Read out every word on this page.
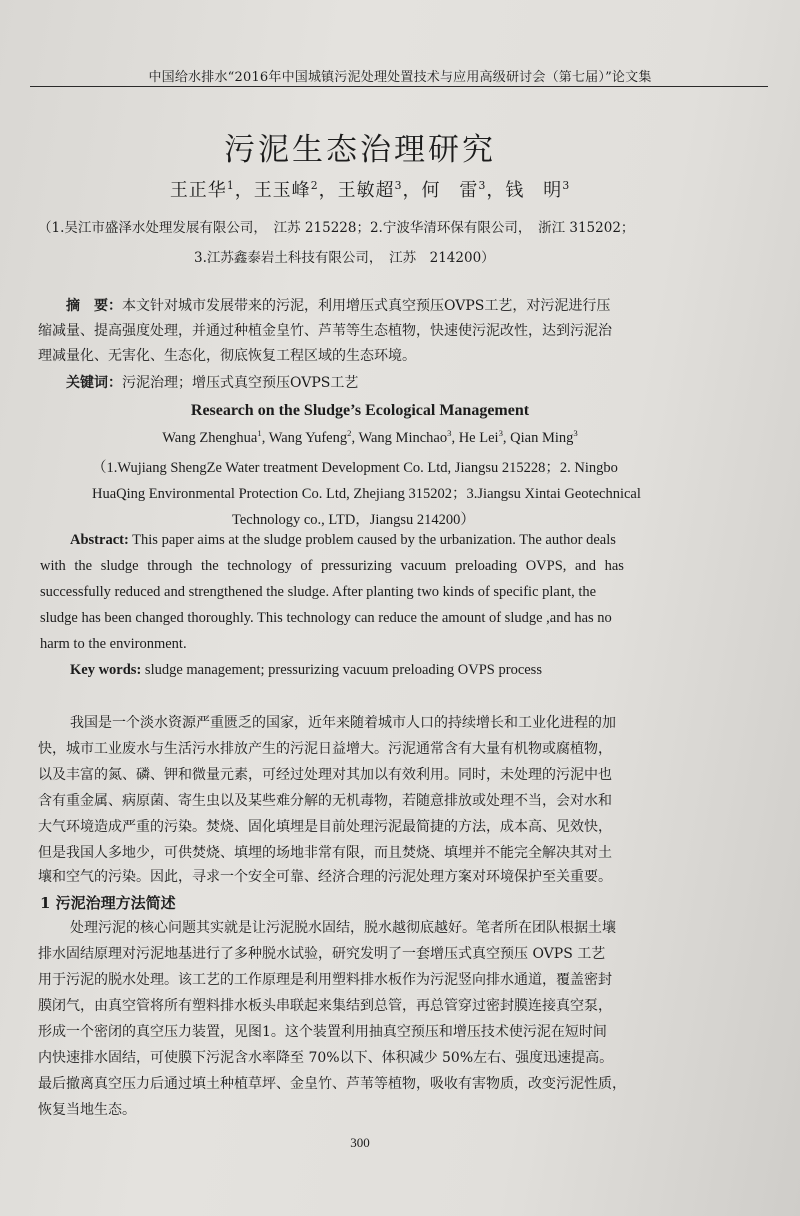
中国给水排水“2016年中国城镇污泥处理处置技术与应用高级研讨会（第七届）”论文集
污泥生态治理研究
王正华$^1$，王玉峰$^2$，王敏超$^3$，何　雷$^3$，钱　明$^3$
（1.吴江市盛泽水处理发展有限公司，　江苏 215228；2.宁波华清环保有限公司，　浙江 315202；
3.江苏鑫泰岩土科技有限公司，　江苏　214200）
摘　要：本文针对城市发展带来的污泥，利用增压式真空预压OVPS工艺，对污泥进行压
缩减量、提高强度处理，并通过种植金皇竹、芦苇等生态植物，快速使污泥改性，达到污泥治
理减量化、无害化、生态化，彻底恢复工程区域的生态环境。
关键词：污泥治理；增压式真空预压OVPS工艺
Research on the Sludge’s Ecological Management
Wang Zhenghua$^1$, Wang Yufeng$^2$, Wang Minchao$^3$, He Lei$^3$, Qian Ming$^3$
（1.Wujiang ShengZe Water treatment Development Co. Ltd, Jiangsu 215228；2. Ningbo
HuaQing Environmental Protection Co. Ltd, Zhejiang 315202；3.Jiangsu Xintai Geotechnical
Technology co., LTD，Jiangsu 214200）
Abstract: This paper aims at the sludge problem caused by the urbanization. The author deals
with the sludge through the technology of pressurizing vacuum preloading OVPS, and has
successfully reduced and strengthened the sludge. After planting two kinds of specific plant, the
sludge has been changed thoroughly. This technology can reduce the amount of sludge ,and has no
harm to the environment.
Key words: sludge management; pressurizing vacuum preloading OVPS process
我国是一个淡水资源严重匮乏的国家，近年来随着城市人口的持续增长和工业化进程的加
快，城市工业废水与生活污水排放产生的污泥日益增大。污泥通常含有大量有机物或腐植物，
以及丰富的氮、磷、钾和微量元素，可经过处理对其加以有效利用。同时，未处理的污泥中也
含有重金属、病原菌、寄生虫以及某些难分解的无机毒物，若随意排放或处理不当，会对水和
大气环境造成严重的污染。焚烧、固化填埋是目前处理污泥最简捷的方法，成本高、见效快，
但是我国人多地少，可供焚烧、填埋的场地非常有限，而且焚烧、填埋并不能完全解决其对土
壤和空气的污染。因此，寻求一个安全可靠、经济合理的污泥处理方案对环境保护至关重要。
1 污泥治理方法简述
处理污泥的核心问题其实就是让污泥脱水固结，脱水越彻底越好。笔者所在团队根据土壤
排水固结原理对污泥地基进行了多种脱水试验，研究发明了一套增压式真空预压 OVPS 工艺
用于污泥的脱水处理。该工艺的工作原理是利用塑料排水板作为污泥竖向排水通道，覆盖密封
膜闭气，由真空管将所有塑料排水板头串联起来集结到总管，再总管穿过密封膜连接真空泵，
形成一个密闭的真空压力装置，见图1。这个装置利用抽真空预压和增压技术使污泥在短时间
内快速排水固结，可使膜下污泥含水率降至 70%以下、体积减少 50%左右、强度迅速提高。
最后撤离真空压力后通过填土种植草坪、金皇竹、芦苇等植物，吸收有害物质，改变污泥性质，
恢复当地生态。
300
